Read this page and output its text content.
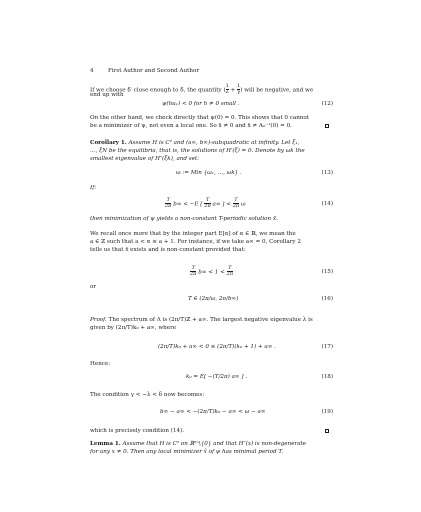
4	First Author and Second Author
If we choose δ′ close enough to δ, the quantity ( $\frac{1}{\lambda} + \frac{1}{\gamma}$ ) will be negative, and we
end up with
ψ(hu₁) < 0 for h ≠ 0 small .	(12)
On the other hand, we check directly that ψ(0) = 0. This shows that 0 cannot
be a minimizer of ψ, not even a local one. So x̄ ≠ 0 and x̄ ≠ A₀⁻¹(0) = 0.
Corollary 1. Assume H is C² and (a∞, b∞)-subquadratic at infinity. Let ξ₁,
…, ξN be the equilibria, that is, the solutions of H′(ξ) = 0. Denote by ωk the
smallest eigenvalue of H″(ξk), and set:
ω := Min {ω₁, …, ωk} .	(13)
If:
$\frac{T}{2\pi} b\infty < -E$ [ $\frac{T}{2\pi} a\infty$ ] < $\frac{T}{2\pi}$ ω	(14)
then minimization of ψ yields a non-constant T-periodic solution x̄.
We recall once more that by the integer part E[α] of α ∈ ℝ, we mean the
a ∈ ℤ such that a < α ≤ a + 1. For instance, if we take a∞ = 0, Corollary 2
tells us that x̄ exists and is non-constant provided that:
$\frac{T}{2\pi} b\infty < 1 < \frac{T}{2\pi}$	(15)
or
T ∈ (2π/ω, 2π/b∞)	(16)
Proof. The spectrum of Λ is (2π/T)ℤ + a∞. The largest negative eigenvalue λ is
given by (2π/T)k₀ + a∞, where
(2π/T)k₀ + a∞ < 0 ≤ (2π/T)(k₀ + 1) + a∞ .	(17)
Hence:
k₀ = E[ −(T/2π) a∞ ] .	(18)
The condition γ < −λ < δ now becomes:
b∞ − a∞ < −(2π/T)k₀ − a∞ < ω − a∞	(19)
which is precisely condition (14).
Lemma 1. Assume that H is C² on ℝ²ⁿ\{0} and that H″(x) is non-degenerate
for any x ≠ 0. Then any local minimizer x̃ of ψ has minimal period T.
